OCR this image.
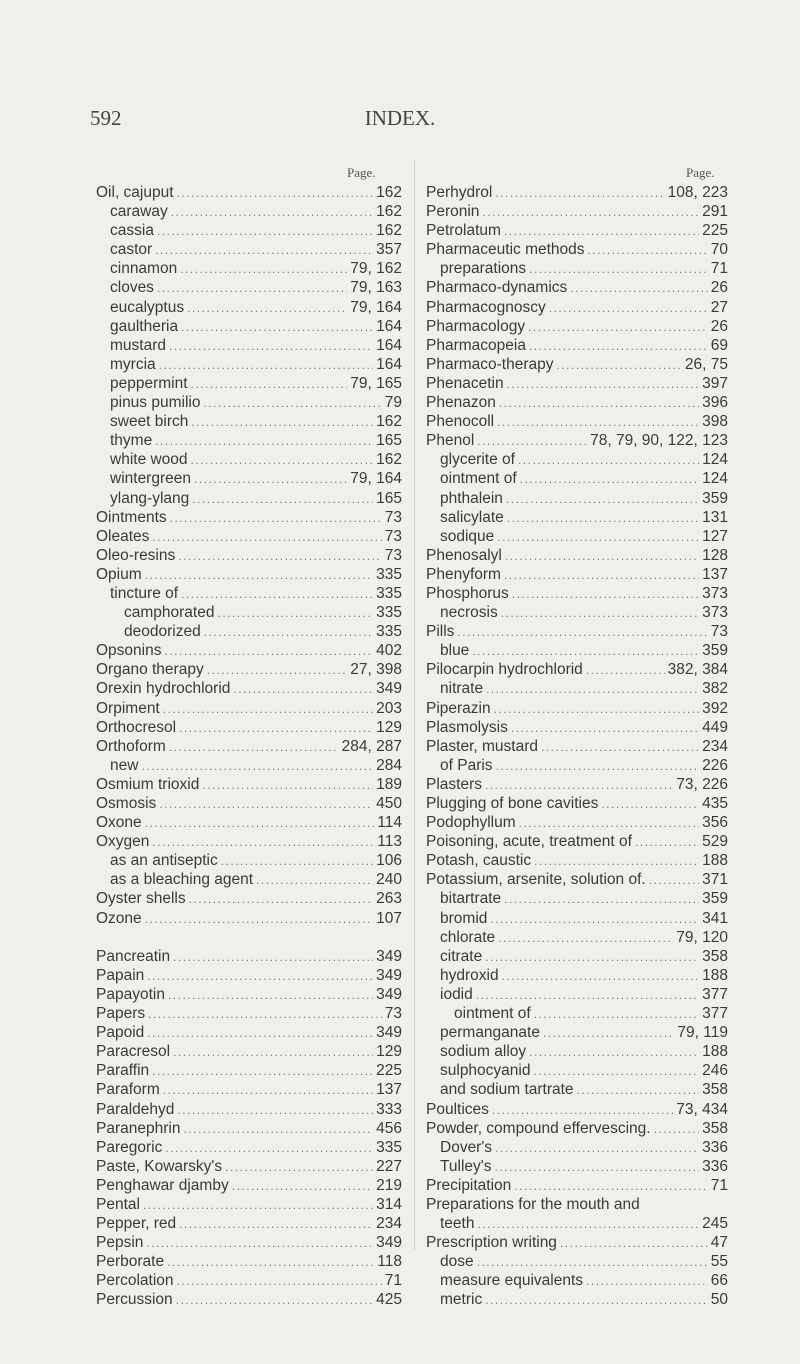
592	INDEX.
Page.	Page.
Oil, cajuput .....	162
caraway .....	162
cassia .....	162
castor .....	357
cinnamon .....	79, 162
cloves .....	79, 163
eucalyptus .....	79, 164
gaultheria .....	164
mustard .....	164
myrcia .....	164
peppermint .....	79, 165
pinus pumilio .....	79
sweet birch .....	162
thyme .....	165
white wood .....	162
wintergreen .....	79, 164
ylang-ylang .....	165
Ointments .....	73
Oleates .....	73
Oleo-resins .....	73
Opium .....	335
tincture of .....	335
camphorated .....	335
deodorized .....	335
Opsonins .....	402
Organo therapy .....	27, 398
Orexin hydrochlorid .....	349
Orpiment .....	203
Orthocresol .....	129
Orthoform .....	284, 287
new .....	284
Osmium trioxid .....	189
Osmosis .....	450
Oxone .....	114
Oxygen .....	113
as an antiseptic .....	106
as a bleaching agent .....	240
Oyster shells .....	263
Ozone .....	107
Pancreatin .....	349
Papain .....	349
Papayotin .....	349
Papers .....	73
Papoid .....	349
Paracresol .....	129
Paraffin .....	225
Paraform .....	137
Paraldehyd .....	333
Paranephrin .....	456
Paregoric .....	335
Paste, Kowarsky's .....	227
Penghawar djamby .....	219
Pental .....	314
Pepper, red .....	234
Pepsin .....	349
Perborate .....	118
Percolation .....	71
Percussion .....	425
Perhydrol .....	108, 223
Peronin .....	291
Petrolatum .....	225
Pharmaceutic methods .....	70
preparations .....	71
Pharmaco-dynamics .....	26
Pharmacognoscy .....	27
Pharmacology .....	26
Pharmacopeia .....	69
Pharmaco-therapy .....	26, 75
Phenacetin .....	397
Phenazon .....	396
Phenocoll .....	398
Phenol .....	78, 79, 90, 122, 123
glycerite of .....	124
ointment of .....	124
phthalein .....	359
salicylate .....	131
sodique .....	127
Phenosalyl .....	128
Phenyform .....	137
Phosphorus .....	373
necrosis .....	373
Pills .....	73
blue .....	359
Pilocarpin hydrochlorid .....	382, 384
nitrate .....	382
Piperazin .....	392
Plasmolysis .....	449
Plaster, mustard .....	234
of Paris .....	226
Plasters .....	73, 226
Plugging of bone cavities .....	435
Podophyllum .....	356
Poisoning, acute, treatment of .....	529
Potash, caustic .....	188
Potassium, arsenite, solution of. .....	371
bitartrate .....	359
bromid .....	341
chlorate .....	79, 120
citrate .....	358
hydroxid .....	188
iodid .....	377
ointment of .....	377
permanganate .....	79, 119
sodium alloy .....	188
sulphocyanid .....	246
and sodium tartrate .....	358
Poultices .....	73, 434
Powder, compound effervescing. .....	358
Dover's .....	336
Tulley's .....	336
Precipitation .....	71
Preparations for the mouth and
teeth .....	245
Prescription writing .....	47
dose .....	55
measure equivalents .....	66
metric .....	50
